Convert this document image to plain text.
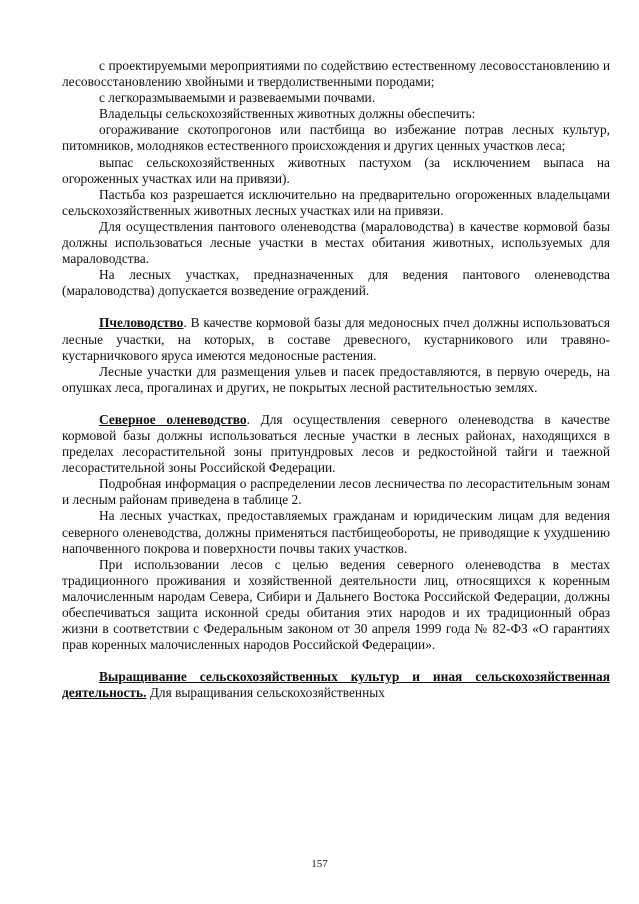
с проектируемыми мероприятиями по содействию естественному лесовосстановлению и лесовосстановлению хвойными и твердолиственными породами;

с легкоразмываемыми и развеваемыми почвами.

Владельцы сельскохозяйственных животных должны обеспечить:

огораживание скотопрогонов или пастбища во избежание потрав лесных культур, питомников, молодняков естественного происхождения и других ценных участков леса;

выпас сельскохозяйственных животных пастухом (за исключением выпаса на огороженных участках или на привязи).

Пастьба коз разрешается исключительно на предварительно огороженных владельцами сельскохозяйственных животных лесных участках или на привязи.

Для осуществления пантового оленеводства (мараловодства) в качестве кормовой базы должны использоваться лесные участки в местах обитания животных, используемых для мараловодства.

На лесных участках, предназначенных для ведения пантового оленеводства (мараловодства) допускается возведение ограждений.

Пчеловодство. В качестве кормовой базы для медоносных пчел должны использоваться лесные участки, на которых, в составе древесного, кустарникового или травяно-кустарничкового яруса имеются медоносные растения.

Лесные участки для размещения ульев и пасек предоставляются, в первую очередь, на опушках леса, прогалинах и других, не покрытых лесной растительностью землях.

Северное оленеводство. Для осуществления северного оленеводства в качестве кормовой базы должны использоваться лесные участки в лесных районах, находящихся в пределах лесорастительной зоны притундровых лесов и редкостойной тайги и таежной лесорастительной зоны Российской Федерации.

Подробная информация о распределении лесов лесничества по лесорастительным зонам и лесным районам приведена в таблице 2.

На лесных участках, предоставляемых гражданам и юридическим лицам для ведения северного оленеводства, должны применяться пастбищеобороты, не приводящие к ухудшению напочвенного покрова и поверхности почвы таких участков.

При использовании лесов с целью ведения северного оленеводства в местах традиционного проживания и хозяйственной деятельности лиц, относящихся к коренным малочисленным народам Севера, Сибири и Дальнего Востока Российской Федерации, должны обеспечиваться защита исконной среды обитания этих народов и их традиционный образ жизни в соответствии с Федеральным законом от 30 апреля 1999 года № 82-ФЗ «О гарантиях прав коренных малочисленных народов Российской Федерации».

Выращивание сельскохозяйственных культур и иная сельскохозяйственная деятельность. Для выращивания сельскохозяйственных

157
